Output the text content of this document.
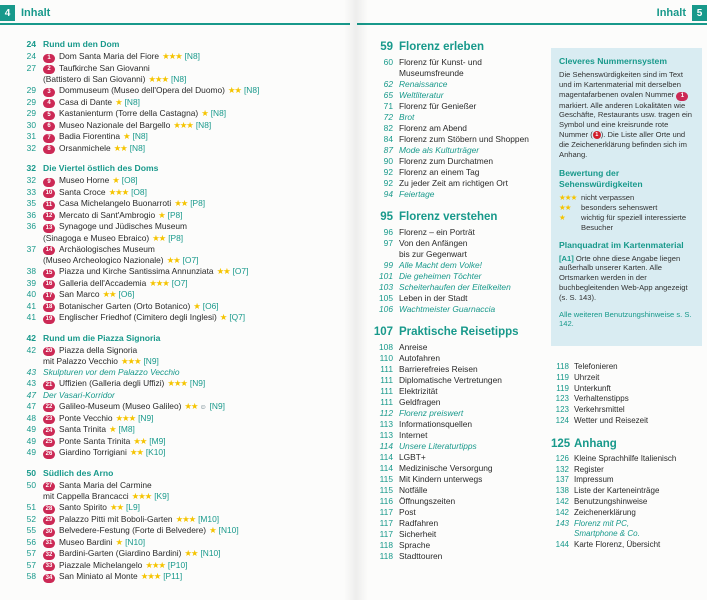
4 Inhalt	Inhalt	5
24 Rund um den Dom
24	1 Dom Santa Maria del Fiore ★★★ [N8]
27	2 Taufkirche San Giovanni
(Battistero di San Giovanni) ★★★ [N8]
29	3 Dommuseum (Museo dell'Opera del Duomo) ★★ [N8]
29	4 Casa di Dante ★ [N8]
29	5 Kastanienturm (Torre della Castagna) ★ [N8]
30	6 Museo Nazionale del Bargello ★★★ [N8]
31	7 Badia Fiorentina ★ [N8]
32	8 Orsanmichele ★★ [N8]
32 Die Viertel östlich des Doms
32	9 Museo Horne ★ [O8]
33	10 Santa Croce ★★★ [O8]
35	11 Casa Michelangelo Buonarroti ★★ [P8]
36	12 Mercato di Sant'Ambrogio ★ [P8]
36	13 Synagoge und Jüdisches Museum
(Sinagoga e Museo Ebraico) ★★ [P8]
37	14 Archäologisches Museum
(Museo Archeologico Nazionale) ★★ [O7]
38	15 Piazza und Kirche Santissima Annunziata ★★ [O7]
39	16 Galleria dell'Accademia ★★★ [O7]
40	17 San Marco ★★ [O6]
41	18 Botanischer Garten (Orto Botanico) ★ [O6]
41	19 Englischer Friedhof (Cimitero degli Inglesi) ★ [Q7]
42 Rund um die Piazza Signoria
42	20 Piazza della Signoria
mit Palazzo Vecchio ★★★ [N9]
43 Skulpturen vor dem Palazzo Vecchio
43	21 Uffizien (Galleria degli Uffizi) ★★★ [N9]
47 Der Vasari-Korridor
47	22 Galileo-Museum (Museo Galileo) ★★ ☺ [N9]
48	23 Ponte Vecchio ★★★ [N9]
49	24 Santa Trinita ★ [M8]
49	25 Ponte Santa Trinita ★★ [M9]
49	26 Giardino Torrigiani ★★ [K10]
50 Südlich des Arno
50	27 Santa Maria del Carmine
mit Cappella Brancacci ★★★ [K9]
51	28 Santo Spirito ★★ [L9]
52	29 Palazzo Pitti mit Boboli-Garten ★★★ [M10]
55	30 Belvedere-Festung (Forte di Belvedere) ★ [N10]
56	31 Museo Bardini ★ [N10]
57	32 Bardini-Garten (Giardino Bardini) ★★ [N10]
57	33 Piazzale Michelangelo ★★★ [P10]
58	34 San Miniato al Monte ★★★ [P11]
59 Florenz erleben
60 Florenz für Kunst- und
Museumsfreunde
62 Renaissance
65 Weltliteratur
71 Florenz für Genießer
72 Brot
82 Florenz am Abend
84 Florenz zum Stöbern und Shoppen
87 Mode als Kulturträger
90 Florenz zum Durchatmen
92 Florenz an einem Tag
92 Zu jeder Zeit am richtigen Ort
94 Feiertage
95 Florenz verstehen
96 Florenz – ein Porträt
97 Von den Anfängen
bis zur Gegenwart
99 Alle Macht dem Volke!
101 Die geheimen Töchter
103 Scheiterhaufen der Eitelkeiten
105 Leben in der Stadt
106 Wachtmeister Guarnaccia
107 Praktische Reisetipps
108 Anreise
110 Autofahren
111 Barrierefreies Reisen
111 Diplomatische Vertretungen
111 Elektrizität
111 Geldfragen
112 Florenz preiswert
113 Informationsquellen
113 Internet
114 Unsere Literaturtipps
114 LGBT+
114 Medizinische Versorgung
115 Mit Kindern unterwegs
115 Notfälle
116 Öffnungszeiten
117 Post
117 Radfahren
117 Sicherheit
118 Sprache
118 Stadttouren
Cleveres Nummernsystem

Die Sehenswürdigkeiten sind im Text und im Kartenmaterial mit derselben magentafarbenen ovalen Nummer 1 markiert. Alle anderen Lokalitäten wie Geschäfte, Restaurants usw. tragen ein Symbol und eine kreisrunde rote Nummer ( 1 ). Die Liste aller Orte und die Zeichenerklärung befinden sich im Anhang.

Bewertung der Sehenswürdigkeiten
★★★ nicht verpassen
★★	besonders sehenswert
★	wichtig für speziell interessierte Besucher
Planquadrat im Kartenmaterial

[A1] Orte ohne diese Angabe liegen außerhalb unserer Karten. Alle Ortsmarken werden in der buchbegleitenden Web-App angezeigt (s. S. 143).

Alle weiteren Benutzungshinweise s. S. 142.
118 Telefonieren
119 Uhrzeit
119 Unterkunft
123 Verhaltenstipps
123 Verkehrsmittel
124 Wetter und Reisezeit
125 Anhang
126 Kleine Sprachhilfe Italienisch
132 Register
137 Impressum
138 Liste der Karteneinträge
142 Benutzungshinweise
142 Zeichenerklärung
143 Florenz mit PC,
Smartphone & Co.
144 Karte Florenz, Übersicht
